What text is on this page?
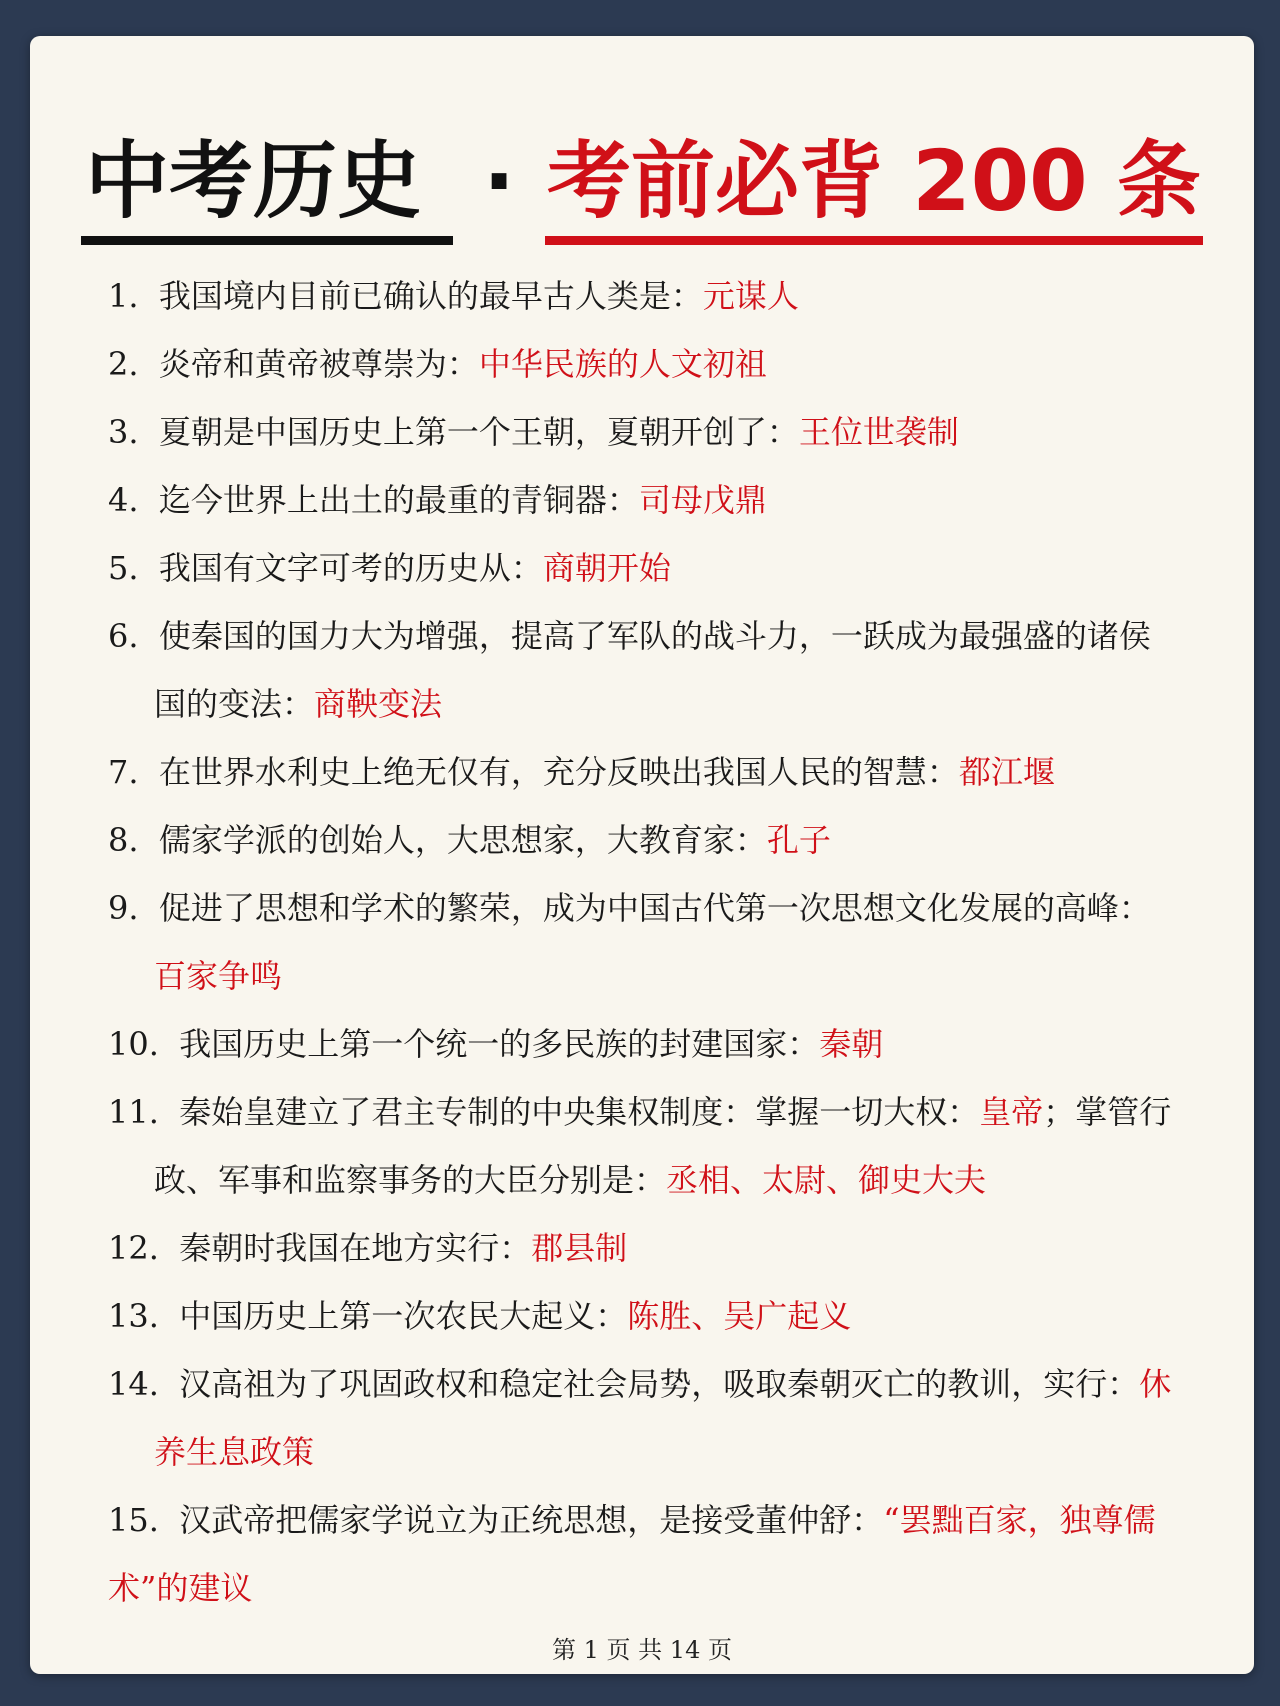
中考历史 · 考前必背 200 条
1. 我国境内目前已确认的最早古人类是：元谋人
2. 炎帝和黄帝被尊崇为：中华民族的人文初祖
3. 夏朝是中国历史上第一个王朝，夏朝开创了：王位世袭制
4. 迄今世界上出土的最重的青铜器：司母戊鼎
5. 我国有文字可考的历史从：商朝开始
6. 使秦国的国力大为增强，提高了军队的战斗力，一跃成为最强盛的诸侯
国的变法：商鞅变法
7. 在世界水利史上绝无仅有，充分反映出我国人民的智慧：都江堰
8. 儒家学派的创始人，大思想家，大教育家：孔子
9. 促进了思想和学术的繁荣，成为中国古代第一次思想文化发展的高峰：
百家争鸣
10. 我国历史上第一个统一的多民族的封建国家：秦朝
11. 秦始皇建立了君主专制的中央集权制度：掌握一切大权：皇帝；掌管行
政、军事和监察事务的大臣分别是：丞相、太尉、御史大夫
12. 秦朝时我国在地方实行：郡县制
13. 中国历史上第一次农民大起义：陈胜、吴广起义
14. 汉高祖为了巩固政权和稳定社会局势，吸取秦朝灭亡的教训，实行：休
养生息政策
15. 汉武帝把儒家学说立为正统思想，是接受董仲舒：“罢黜百家，独尊儒
术”的建议
第 1 页 共 14 页
